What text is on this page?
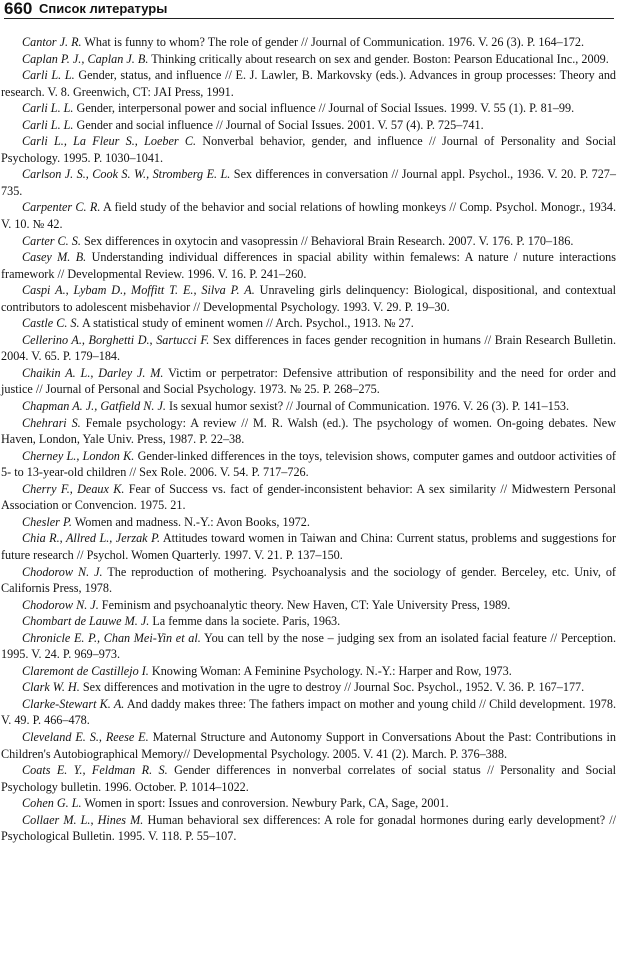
660 Список литературы

Cantor J. R. What is funny to whom? The role of gender // Journal of Communication. 1976. V. 26 (3). P. 164–172.

Caplan P. J., Caplan J. B. Thinking critically about research on sex and gender. Boston: Pearson Educational Inc., 2009.

Carli L. L. Gender, status, and influence // E. J. Lawler, B. Markovsky (eds.). Advances in group processes: Theory and research. V. 8. Greenwich, CT: JAI Press, 1991.

Carli L. L. Gender, interpersonal power and social influence // Journal of Social Issues. 1999. V. 55 (1). P. 81–99.

Carli L. L. Gender and social influence // Journal of Social Issues. 2001. V. 57 (4). P. 725–741.

Carli L., La Fleur S., Loeber C. Nonverbal behavior, gender, and influence // Journal of Personality and Social Psychology. 1995. P. 1030–1041.

Carlson J. S., Cook S. W., Stromberg E. L. Sex differences in conversation // Journal appl. Psychol., 1936. V. 20. P. 727–735.

Carpenter C. R. A field study of the behavior and social relations of howling monkeys // Comp. Psychol. Monogr., 1934. V. 10. № 42.

Carter C. S. Sex differences in oxytocin and vasopressin // Behavioral Brain Research. 2007. V. 176. P. 170–186.

Casey M. B. Understanding individual differences in spacial ability within femalews: A nature / nuture interactions framework // Developmental Review. 1996. V. 16. P. 241–260.

Caspi A., Lybam D., Moffitt T. E., Silva P. A. Unraveling girls delinquency: Biological, dispositional, and contextual contributors to adolescent misbehavior // Developmental Psychology. 1993. V. 29. P. 19–30.

Castle C. S. A statistical study of eminent women // Arch. Psychol., 1913. № 27.

Cellerino A., Borghetti D., Sartucci F. Sex differences in faces gender recognition in humans // Brain Research Bulletin. 2004. V. 65. P. 179–184.

Chaikin A. L., Darley J. M. Victim or perpetrator: Defensive attribution of responsibility and the need for order and justice // Journal of Personal and Social Psychology. 1973. № 25. P. 268–275.

Chapman A. J., Gatfield N. J. Is sexual humor sexist? // Journal of Communication. 1976. V. 26 (3). P. 141–153.

Chehrari S. Female psychology: A review // M. R. Walsh (ed.). The psychology of women. On-going debates. New Haven, London, Yale Univ. Press, 1987. P. 22–38.

Cherney L., London K. Gender-linked differences in the toys, television shows, computer games and outdoor activities of 5- to 13-year-old children // Sex Role. 2006. V. 54. P. 717–726.

Cherry F., Deaux K. Fear of Success vs. fact of gender-inconsistent behavior: A sex similarity // Midwestern Personal Association or Convencion. 1975. 21.

Chesler P. Women and madness. N.-Y.: Avon Books, 1972.

Chia R., Allred L., Jerzak P. Attitudes toward women in Taiwan and China: Current status, problems and suggestions for future research // Psychol. Women Quarterly. 1997. V. 21. P. 137–150.

Chodorow N. J. The reproduction of mothering. Psychoanalysis and the sociology of gender. Berceley, etc. Univ, of Californis Press, 1978.

Chodorow N. J. Feminism and psychoanalytic theory. New Haven, CT: Yale University Press, 1989.

Chombart de Lauwe M. J. La femme dans la societe. Paris, 1963.

Chronicle E. P., Chan Mei-Yin et al. You can tell by the nose – judging sex from an isolated facial feature // Perception. 1995. V. 24. P. 969–973.

Claremont de Castillejo I. Knowing Woman: A Feminine Psychology. N.-Y.: Harper and Row, 1973.

Clark W. H. Sex differences and motivation in the ugre to destroy // Journal Soc. Psychol., 1952. V. 36. P. 167–177.

Clarke-Stewart K. A. And daddy makes three: The fathers impact on mother and young child // Child development. 1978. V. 49. P. 466–478.

Cleveland E. S., Reese E. Maternal Structure and Autonomy Support in Conversations About the Past: Contributions in Children's Autobiographical Memory// Developmental Psychology. 2005. V. 41 (2). March. P. 376–388.

Coats E. Y., Feldman R. S. Gender differences in nonverbal correlates of social status // Personality and Social Psychology bulletin. 1996. October. P. 1014–1022.

Cohen G. L. Women in sport: Issues and conroversion. Newbury Park, CA, Sage, 2001.

Collaer M. L., Hines M. Human behavioral sex differences: A role for gonadal hormones during early development? // Psychological Bulletin. 1995. V. 118. P. 55–107.
